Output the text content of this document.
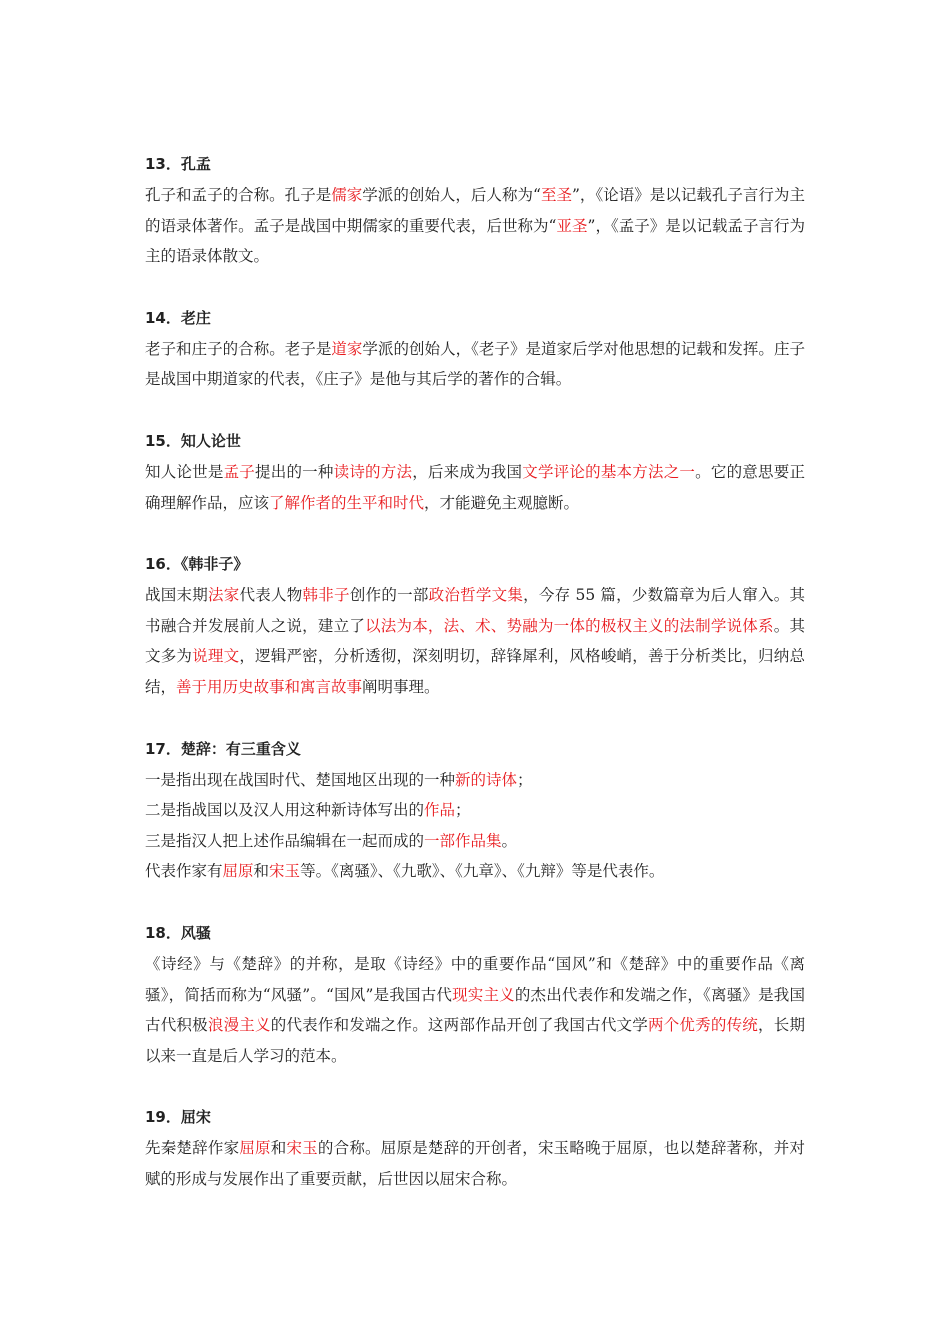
13．孔孟

孔子和孟子的合称。孔子是儒家学派的创始人，后人称为“至圣”，《论语》是以记载孔子言行为主的语录体著作。孟子是战国中期儒家的重要代表，后世称为“亚圣”，《孟子》是以记载孟子言行为主的语录体散文。

14．老庄

老子和庄子的合称。老子是道家学派的创始人，《老子》是道家后学对他思想的记载和发挥。庄子是战国中期道家的代表，《庄子》是他与其后学的著作的合辑。

15．知人论世

知人论世是孟子提出的一种读诗的方法，后来成为我国文学评论的基本方法之一。它的意思要正确理解作品，应该了解作者的生平和时代，才能避免主观臆断。

16．《韩非子》

战国末期法家代表人物韩非子创作的一部政治哲学文集，今存 55 篇，少数篇章为后人窜入。其书融合并发展前人之说，建立了以法为本，法、术、势融为一体的极权主义的法制学说体系。其文多为说理文，逻辑严密，分析透彻，深刻明切，辞锋犀利，风格峻峭，善于分析类比，归纳总结，善于用历史故事和寓言故事阐明事理。

17．楚辞：有三重含义

一是指出现在战国时代、楚国地区出现的一种新的诗体；

二是指战国以及汉人用这种新诗体写出的作品；

三是指汉人把上述作品编辑在一起而成的一部作品集。

代表作家有屈原和宋玉等。《离骚》、《九歌》、《九章》、《九辩》等是代表作。

18．风骚

《诗经》与《楚辞》的并称，是取《诗经》中的重要作品“国风”和《楚辞》中的重要作品《离骚》，简括而称为“风骚”。“国风”是我国古代现实主义的杰出代表作和发端之作，《离骚》是我国古代积极浪漫主义的代表作和发端之作。这两部作品开创了我国古代文学两个优秀的传统，长期以来一直是后人学习的范本。

19．屈宋

先秦楚辞作家屈原和宋玉的合称。屈原是楚辞的开创者，宋玉略晚于屈原，也以楚辞著称，并对赋的形成与发展作出了重要贡献，后世因以屈宋合称。
